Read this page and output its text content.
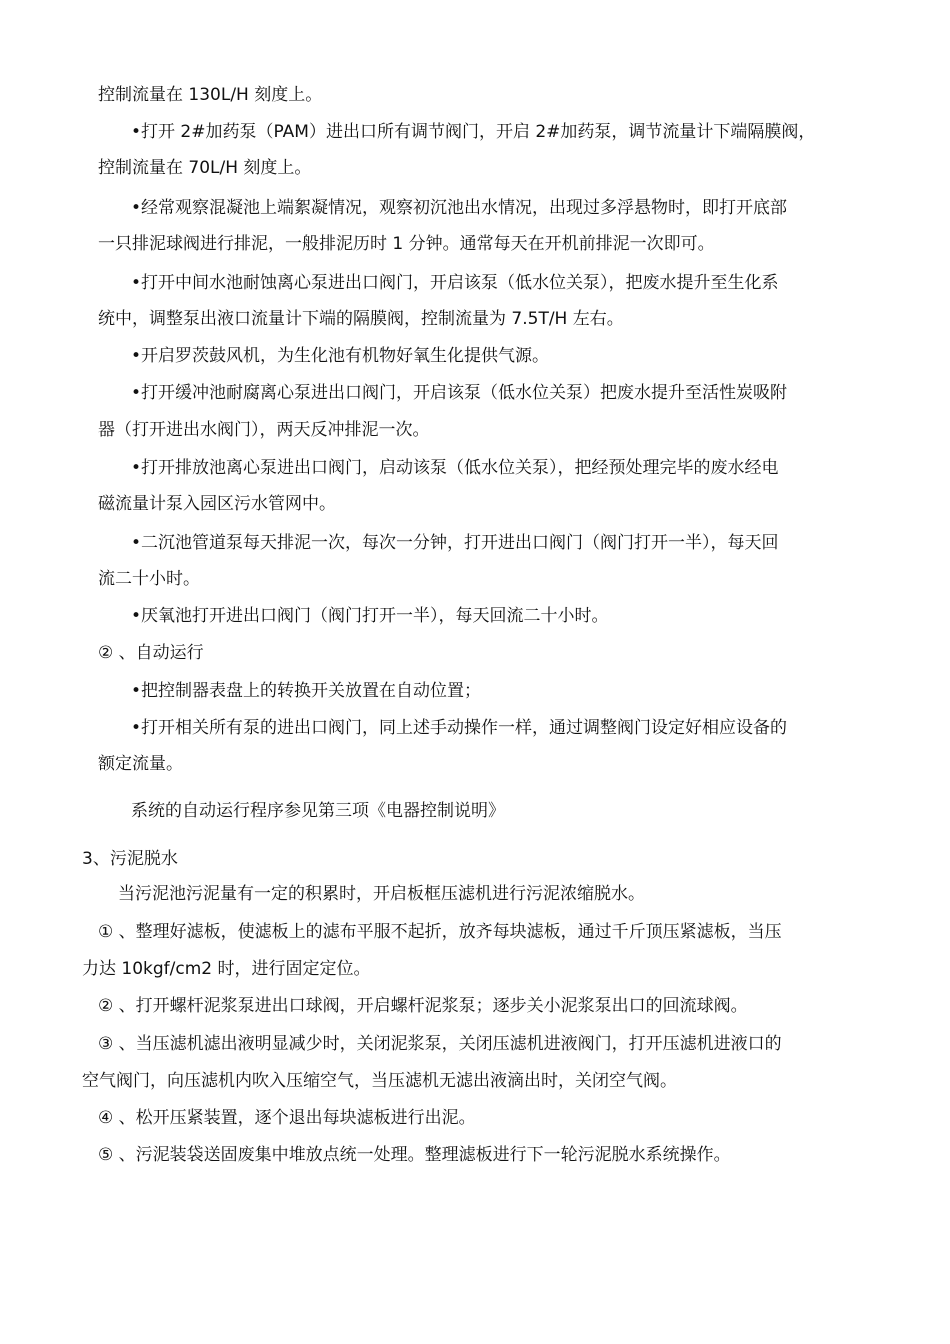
控制流量在 130L/H 刻度上。
•打开 2#加药泵（PAM）进出口所有调节阀门，开启 2#加药泵，调节流量计下端隔膜阀，
控制流量在 70L/H 刻度上。
•经常观察混凝池上端絮凝情况，观察初沉池出水情况，出现过多浮悬物时，即打开底部
一只排泥球阀进行排泥，一般排泥历时 1 分钟。通常每天在开机前排泥一次即可。
•打开中间水池耐蚀离心泵进出口阀门，开启该泵（低水位关泵），把废水提升至生化系
统中，调整泵出液口流量计下端的隔膜阀，控制流量为 7.5T/H 左右。
•开启罗茨鼓风机，为生化池有机物好氧生化提供气源。
•打开缓冲池耐腐离心泵进出口阀门，开启该泵（低水位关泵）把废水提升至活性炭吸附
器（打开进出水阀门），两天反冲排泥一次。
•打开排放池离心泵进出口阀门，启动该泵（低水位关泵），把经预处理完毕的废水经电
磁流量计泵入园区污水管网中。
•二沉池管道泵每天排泥一次，每次一分钟，打开进出口阀门（阀门打开一半），每天回
流二十小时。
•厌氧池打开进出口阀门（阀门打开一半），每天回流二十小时。
② 、自动运行
•把控制器表盘上的转换开关放置在自动位置；
•打开相关所有泵的进出口阀门，同上述手动操作一样，通过调整阀门设定好相应设备的
额定流量。
系统的自动运行程序参见第三项《电器控制说明》
3、污泥脱水
当污泥池污泥量有一定的积累时，开启板框压滤机进行污泥浓缩脱水。
① 、整理好滤板，使滤板上的滤布平服不起折，放齐每块滤板，通过千斤顶压紧滤板，当压
力达 10kgf/cm2 时，进行固定定位。
② 、打开螺杆泥浆泵进出口球阀，开启螺杆泥浆泵；逐步关小泥浆泵出口的回流球阀。
③ 、当压滤机滤出液明显减少时，关闭泥浆泵，关闭压滤机进液阀门，打开压滤机进液口的
空气阀门，向压滤机内吹入压缩空气，当压滤机无滤出液滴出时，关闭空气阀。
④ 、松开压紧装置，逐个退出每块滤板进行出泥。
⑤ 、污泥装袋送固废集中堆放点统一处理。整理滤板进行下一轮污泥脱水系统操作。
